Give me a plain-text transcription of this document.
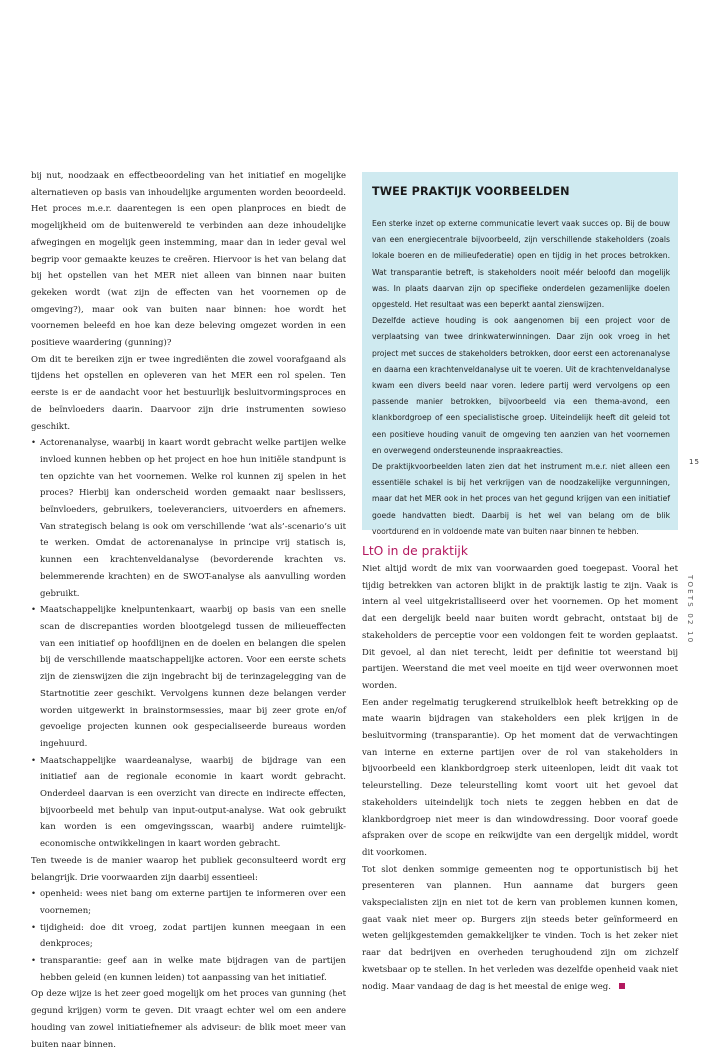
bij nut, noodzaak en effectbeoordeling van het initiatief en mogelijke alternatieven op basis van inhoudelijke argumenten worden beoordeeld. Het proces m.e.r. daarentegen is een open planproces en biedt de mogelijkheid om de buitenwereld te verbinden aan deze inhoudelijke afwegingen en mogelijk geen instemming, maar dan in ieder geval wel begrip voor gemaakte keuzes te creëren. Hiervoor is het van belang dat bij het opstellen van het MER niet alleen van binnen naar buiten gekeken wordt (wat zijn de effecten van het voornemen op de omgeving?), maar ook van buiten naar binnen: hoe wordt het voornemen beleefd en hoe kan deze beleving omgezet worden in een positieve waardering (gunning)?

Om dit te bereiken zijn er twee ingrediënten die zowel voorafgaand als tijdens het opstellen en opleveren van het MER een rol spelen. Ten eerste is er de aandacht voor het bestuurlijk besluitvormingsproces en de beïnvloeders daarin. Daarvoor zijn drie instrumenten sowieso geschikt.

• Actorenanalyse, waarbij in kaart wordt gebracht welke partijen welke invloed kunnen hebben op het project en hoe hun initiële standpunt is ten opzichte van het voornemen. Welke rol kunnen zij spelen in het proces? Hierbij kan onderscheid worden gemaakt naar beslissers, beïnvloeders, gebruikers, toeleveranciers, uitvoerders en afnemers. Van strategisch belang is ook om verschillende ‘wat als’-scenario’s uit te werken. Omdat de actorenanalyse in principe vrij statisch is, kunnen een krachtenveldanalyse (bevorderende krachten vs. belemmerende krachten) en de SWOT-analyse als aanvulling worden gebruikt.
• Maatschappelijke knelpuntenkaart, waarbij op basis van een snelle scan de discrepanties worden blootgelegd tussen de milieueffecten van een initiatief op hoofdlijnen en de doelen en belangen die spelen bij de verschillende maatschappelijke actoren. Voor een eerste schets zijn de zienswijzen die zijn ingebracht bij de terinzagelegging van de Startnotitie zeer geschikt. Vervolgens kunnen deze belangen verder worden uitgewerkt in brainstormsessies, maar bij zeer grote en/of gevoelige projecten kunnen ook gespecialiseerde bureaus worden ingehuurd.
• Maatschappelijke waardeanalyse, waarbij de bijdrage van een initiatief aan de regionale economie in kaart wordt gebracht. Onderdeel daarvan is een overzicht van directe en indirecte effecten, bijvoorbeeld met behulp van input-output-analyse. Wat ook gebruikt kan worden is een omgevingsscan, waarbij andere ruimtelijk-economische ontwikkelingen in kaart worden gebracht.

Ten tweede is de manier waarop het publiek geconsulteerd wordt erg belangrijk. Drie voorwaarden zijn daarbij essentieel:

• openheid: wees niet bang om externe partijen te informeren over een voornemen;
• tijdigheid: doe dit vroeg, zodat partijen kunnen meegaan in een denkproces;
• transparantie: geef aan in welke mate bijdragen van de partijen hebben geleid (en kunnen leiden) tot aanpassing van het initiatief.

Op deze wijze is het zeer goed mogelijk om het proces van gunning (het gegund krijgen) vorm te geven. Dit vraagt echter wel om een andere houding van zowel initiatiefnemer als adviseur: de blik moet meer van buiten naar binnen.

TWEE PRAKTIJK VOORBEELDEN

Een sterke inzet op externe communicatie levert vaak succes op. Bij de bouw van een energiecentrale bijvoorbeeld, zijn verschillende stakeholders (zoals lokale boeren en de milieufederatie) open en tijdig in het proces betrokken. Wat transparantie betreft, is stakeholders nooit méér beloofd dan mogelijk was. In plaats daarvan zijn op specifieke onderdelen gezamenlijke doelen opgesteld. Het resultaat was een beperkt aantal zienswijzen.

Dezelfde actieve houding is ook aangenomen bij een project voor de verplaatsing van twee drinkwaterwinningen. Daar zijn ook vroeg in het project met succes de stakeholders betrokken, door eerst een actorenanalyse en daarna een krachtenveldanalyse uit te voeren. Uit de krachtenveldanalyse kwam een divers beeld naar voren. Iedere partij werd vervolgens op een passende manier betrokken, bijvoorbeeld via een thema-avond, een klankbordgroep of een specialistische groep. Uiteindelijk heeft dit geleid tot een positieve houding vanuit de omgeving ten aanzien van het voornemen en overwegend ondersteunende inspraakreacties.

De praktijkvoorbeelden laten zien dat het instrument m.e.r. niet alleen een essentiële schakel is bij het verkrijgen van de noodzakelijke vergunningen, maar dat het MER ook in het proces van het gegund krijgen van een initiatief goede handvatten biedt. Daarbij is het wel van belang om de blik voortdurend en in voldoende mate van buiten naar binnen te hebben.

LtO in de praktijk

Niet altijd wordt de mix van voorwaarden goed toegepast. Vooral het tijdig betrekken van actoren blijkt in de praktijk lastig te zijn. Vaak is intern al veel uitgekristalliseerd over het voornemen. Op het moment dat een dergelijk beeld naar buiten wordt gebracht, ontstaat bij de stakeholders de perceptie voor een voldongen feit te worden geplaatst. Dit gevoel, al dan niet terecht, leidt per definitie tot weerstand bij partijen. Weerstand die met veel moeite en tijd weer overwonnen moet worden.

Een ander regelmatig terugkerend struikelblok heeft betrekking op de mate waarin bijdragen van stakeholders een plek krijgen in de besluitvorming (transparantie). Op het moment dat de verwachtingen van interne en externe partijen over de rol van stakeholders in bijvoorbeeld een klankbordgroep sterk uiteenlopen, leidt dit vaak tot teleurstelling. Deze teleurstelling komt voort uit het gevoel dat stakeholders uiteindelijk toch niets te zeggen hebben en dat de klankbordgroep niet meer is dan windowdressing. Door vooraf goede afspraken over de scope en reikwijdte van een dergelijk middel, wordt dit voorkomen.

Tot slot denken sommige gemeenten nog te opportunistisch bij het presenteren van plannen. Hun aanname dat burgers geen vakspecialisten zijn en niet tot de kern van problemen kunnen komen, gaat vaak niet meer op. Burgers zijn steeds beter geïnformeerd en weten gelijkgestemden gemakkelijker te vinden. Toch is het zeker niet raar dat bedrijven en overheden terughoudend zijn om zichzelf kwetsbaar op te stellen. In het verleden was dezelfde openheid vaak niet nodig. Maar vandaag de dag is het meestal de enige weg.

15
TOETS 02 10
